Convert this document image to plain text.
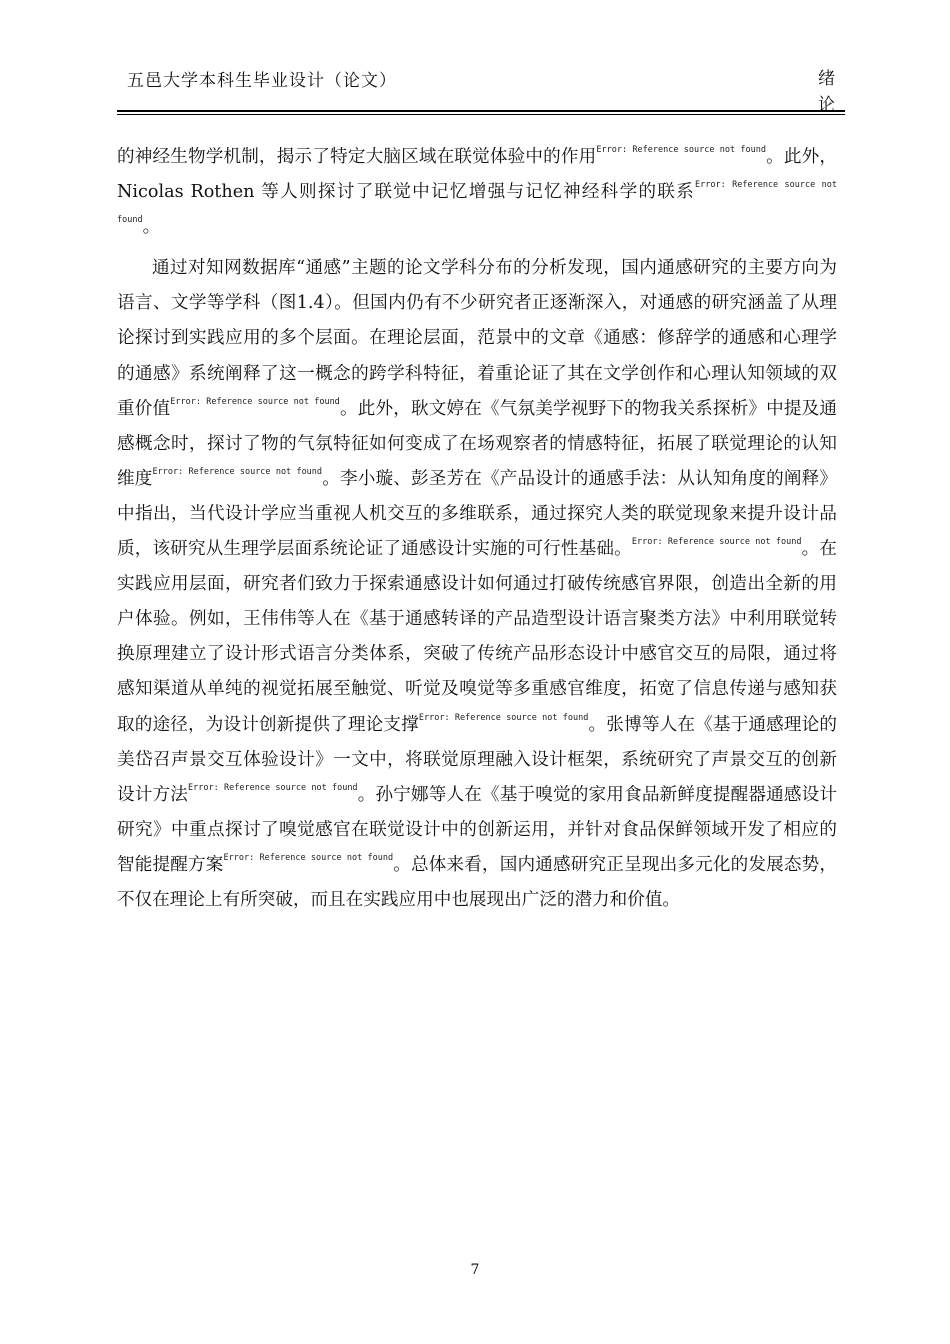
五邑大学本科生毕业设计（论文）	绪论

的神经生物学机制，揭示了特定大脑区域在联觉体验中的作用$^{Error: Reference source not found}$。此外，Nicolas Rothen 等人则探讨了联觉中记忆增强与记忆神经科学的联系$^{Error: Reference source not found}$。

通过对知网数据库“通感”主题的论文学科分布的分析发现，国内通感研究的主要方向为语言、文学等学科（图1.4）。但国内仍有不少研究者正逐渐深入，对通感的研究涵盖了从理论探讨到实践应用的多个层面。在理论层面，范景中的文章《通感：修辞学的通感和心理学的通感》系统阐释了这一概念的跨学科特征，着重论证了其在文学创作和心理认知领域的双重价值$^{Error: Reference source not found}$。此外，耿文婷在《气氛美学视野下的物我关系探析》中提及通感概念时，探讨了物的气氛特征如何变成了在场观察者的情感特征，拓展了联觉理论的认知维度$^{Error: Reference source not found}$。李小璇、彭圣芳在《产品设计的通感手法：从认知角度的阐释》中指出，当代设计学应当重视人机交互的多维联系，通过探究人类的联觉现象来提升设计品质，该研究从生理学层面系统论证了通感设计实施的可行性基础。$^{Error: Reference source not found}$。在实践应用层面，研究者们致力于探索通感设计如何通过打破传统感官界限，创造出全新的用户体验。例如，王伟伟等人在《基于通感转译的产品造型设计语言聚类方法》中利用联觉转换原理建立了设计形式语言分类体系，突破了传统产品形态设计中感官交互的局限，通过将感知渠道从单纯的视觉拓展至触觉、听觉及嗅觉等多重感官维度，拓宽了信息传递与感知获取的途径，为设计创新提供了理论支撑$^{Error: Reference source not found}$。张博等人在《基于通感理论的美岱召声景交互体验设计》一文中，将联觉原理融入设计框架，系统研究了声景交互的创新设计方法$^{Error: Reference source not found}$。孙宁娜等人在《基于嗅觉的家用食品新鲜度提醒器通感设计研究》中重点探讨了嗅觉感官在联觉设计中的创新运用，并针对食品保鲜领域开发了相应的智能提醒方案$^{Error: Reference source not found}$。总体来看，国内通感研究正呈现出多元化的发展态势，不仅在理论上有所突破，而且在实践应用中也展现出广泛的潜力和价值。

7
